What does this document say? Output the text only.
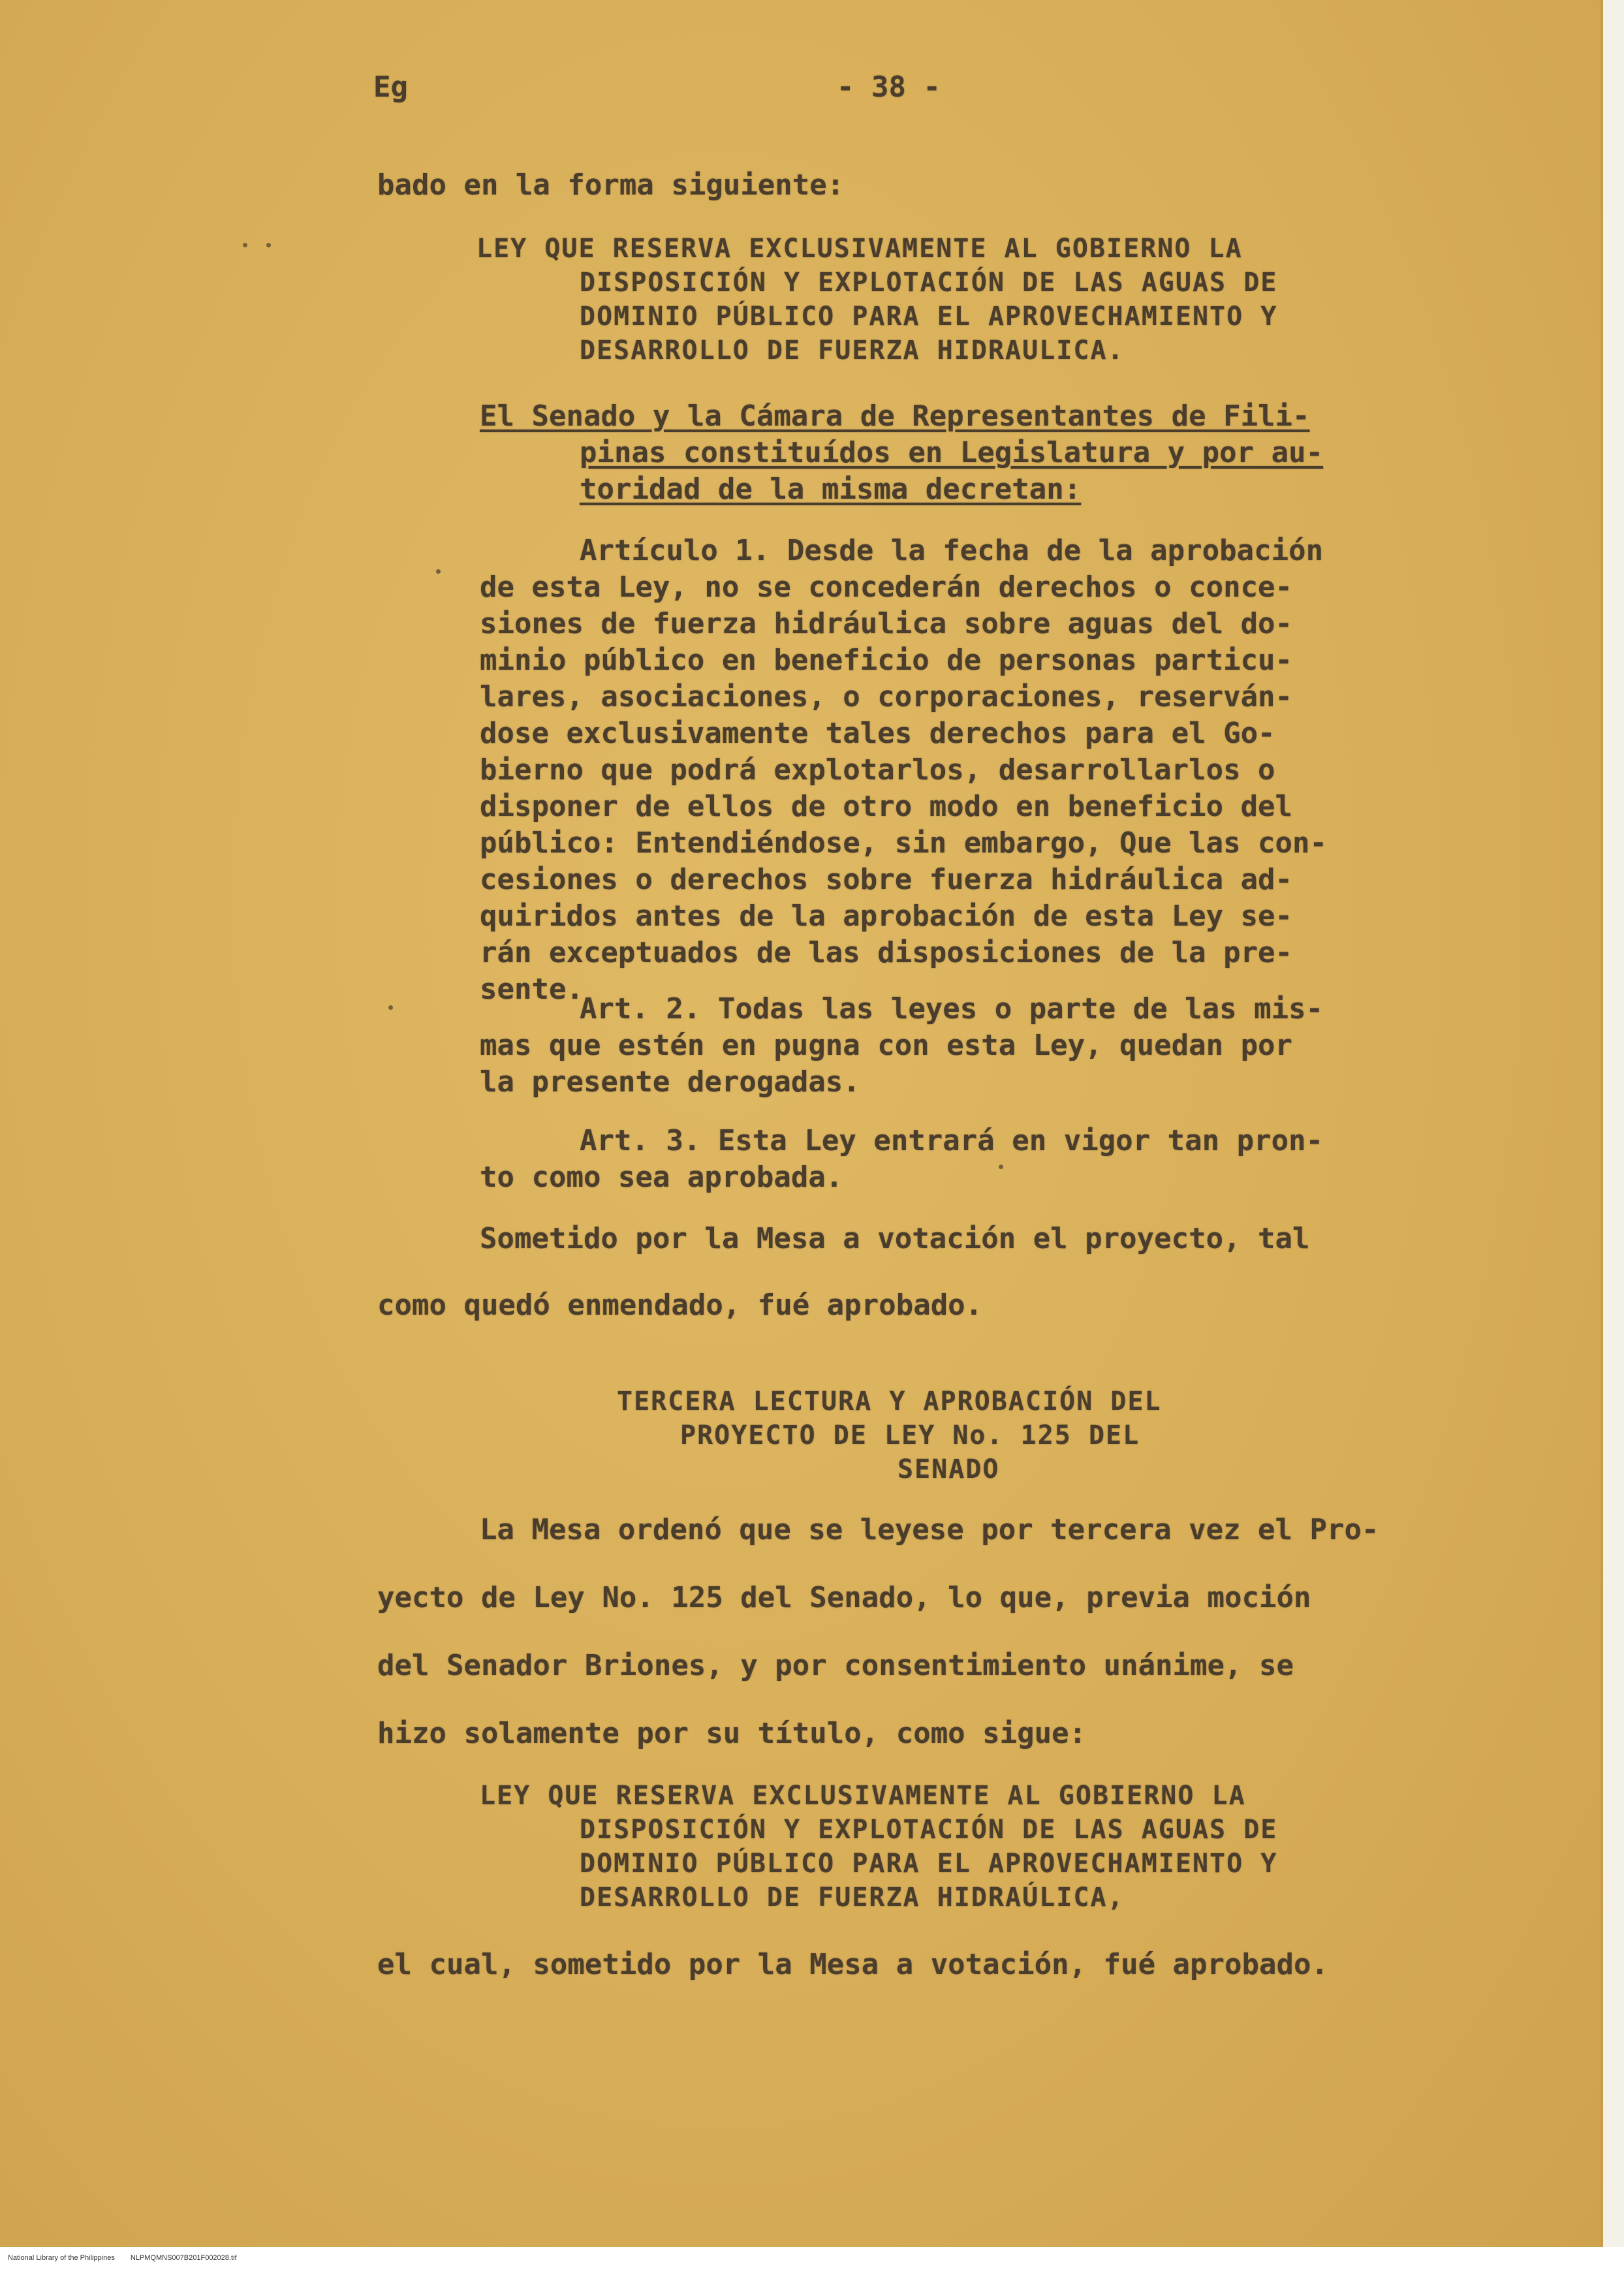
Eg	- 38 -

bado en la forma siguiente:

LEY QUE RESERVA EXCLUSIVAMENTE AL GOBIERNO LA

DISPOSICIÓN Y EXPLOTACIÓN DE LAS AGUAS DE

DOMINIO PÚBLICO PARA EL APROVECHAMIENTO Y

DESARROLLO DE FUERZA HIDRAULICA.

El Senado y la Cámara de Representantes de Fili-

pinas constituídos en Legislatura y por au-

toridad de la misma decretan:

Artículo 1. Desde la fecha de la aprobación

de esta Ley, no se concederán derechos o conce-

siones de fuerza hidráulica sobre aguas del do-

minio público en beneficio de personas particu-

lares, asociaciones, o corporaciones, reserván-

dose exclusivamente tales derechos para el Go-

bierno que podrá explotarlos, desarrollarlos o

disponer de ellos de otro modo en beneficio del

público: Entendiéndose, sin embargo, Que las con-

cesiones o derechos sobre fuerza hidráulica ad-

quiridos antes de la aprobación de esta Ley se-

rán exceptuados de las disposiciones de la pre-

sente.

Art. 2. Todas las leyes o parte de las mis-

mas que estén en pugna con esta Ley, quedan por

la presente derogadas.

Art. 3. Esta Ley entrará en vigor tan pron-

to como sea aprobada.

Sometido por la Mesa a votación el proyecto, tal

como quedó enmendado, fué aprobado.

TERCERA LECTURA Y APROBACIÓN DEL

PROYECTO DE LEY No. 125 DEL

SENADO

La Mesa ordenó que se leyese por tercera vez el Pro-

yecto de Ley No. 125 del Senado, lo que, previa moción

del Senador Briones, y por consentimiento unánime, se

hizo solamente por su título, como sigue:

LEY QUE RESERVA EXCLUSIVAMENTE AL GOBIERNO LA

DISPOSICIÓN Y EXPLOTACIÓN DE LAS AGUAS DE

DOMINIO PÚBLICO PARA EL APROVECHAMIENTO Y

DESARROLLO DE FUERZA HIDRAÚLICA,

el cual, sometido por la Mesa a votación, fué aprobado.

National Library of the Philippines NLPMQMNS007B201F002028.tif
